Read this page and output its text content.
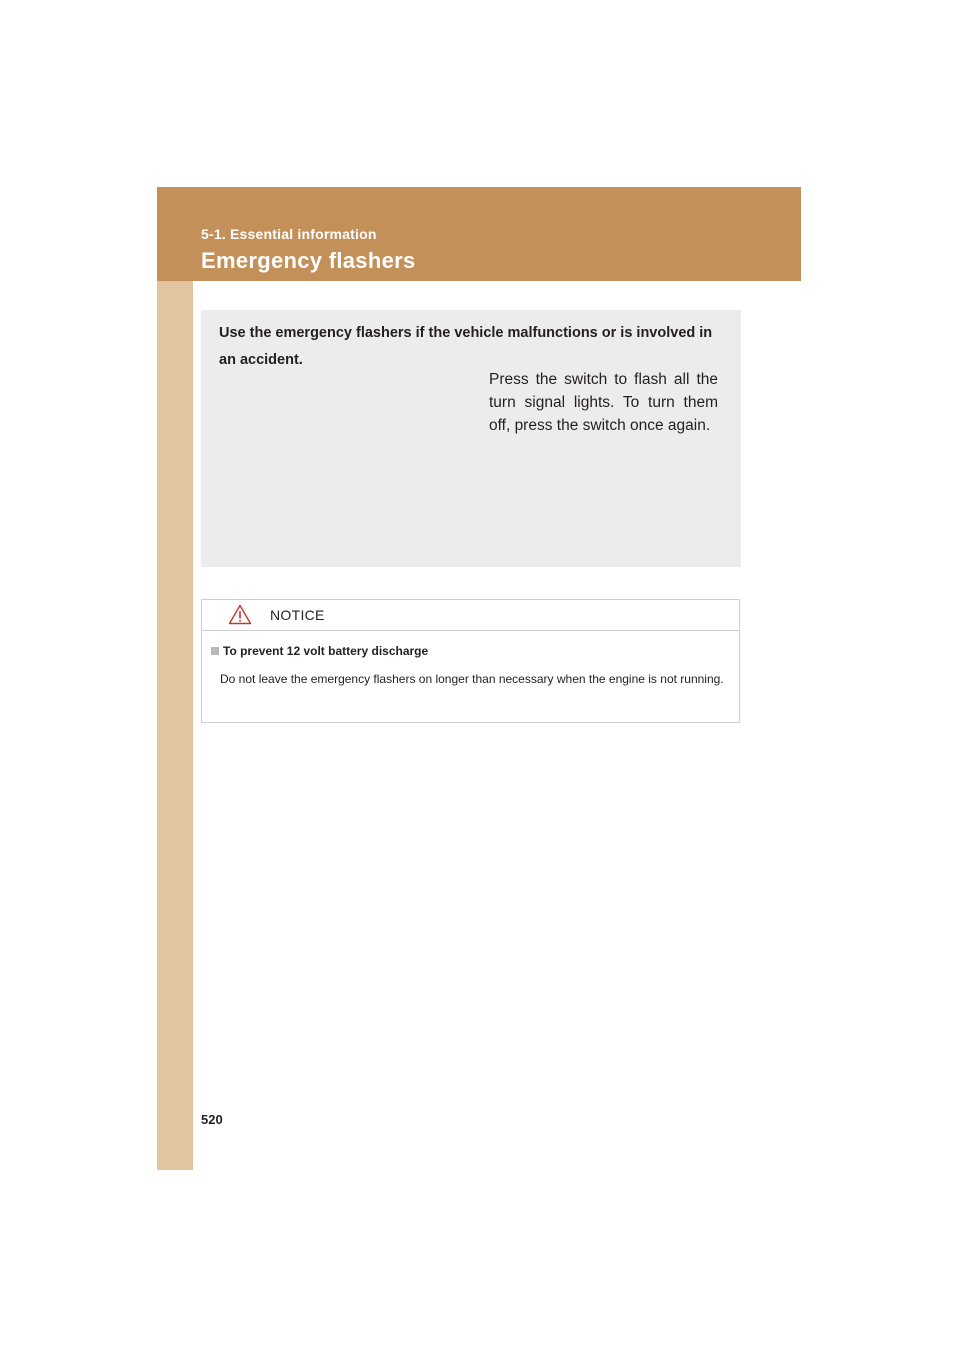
5-1. Essential information
Emergency flashers
Use the emergency flashers if the vehicle malfunctions or is involved in an accident.
Press the switch to flash all the turn signal lights. To turn them off, press the switch once again.
NOTICE
To prevent 12 volt battery discharge
Do not leave the emergency flashers on longer than necessary when the engine is not running.
520
